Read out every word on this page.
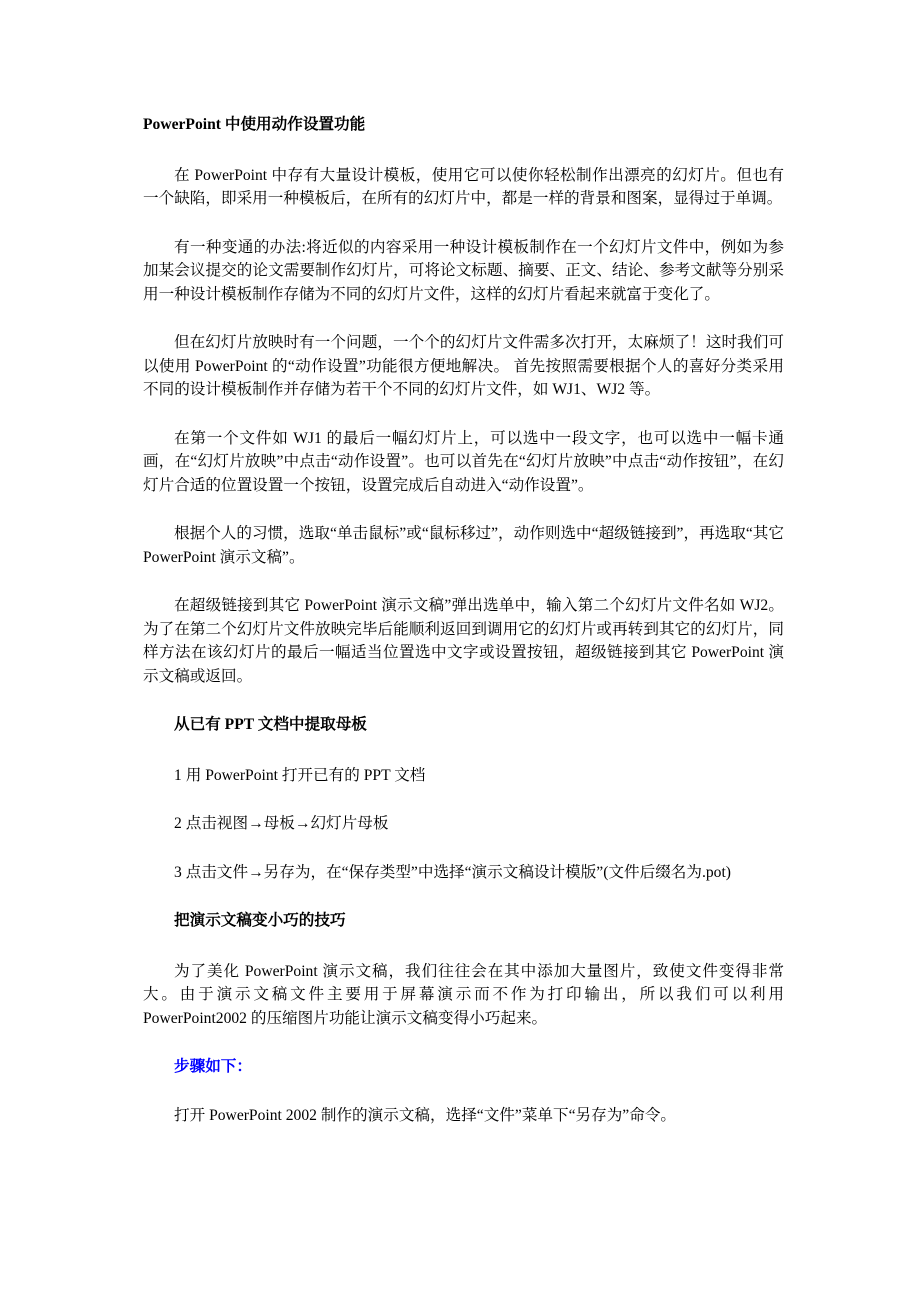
PowerPoint 中使用动作设置功能

在 PowerPoint 中存有大量设计模板，使用它可以使你轻松制作出漂亮的幻灯片。但也有一个缺陷，即采用一种模板后，在所有的幻灯片中，都是一样的背景和图案，显得过于单调。

有一种变通的办法:将近似的内容采用一种设计模板制作在一个幻灯片文件中，例如为参加某会议提交的论文需要制作幻灯片，可将论文标题、摘要、正文、结论、参考文献等分别采用一种设计模板制作存储为不同的幻灯片文件，这样的幻灯片看起来就富于变化了。

但在幻灯片放映时有一个问题，一个个的幻灯片文件需多次打开，太麻烦了！这时我们可以使用 PowerPoint 的“动作设置”功能很方便地解决。 首先按照需要根据个人的喜好分类采用不同的设计模板制作并存储为若干个不同的幻灯片文件，如 WJ1、WJ2 等。

在第一个文件如 WJ1 的最后一幅幻灯片上，可以选中一段文字，也可以选中一幅卡通画，在“幻灯片放映”中点击“动作设置”。也可以首先在“幻灯片放映”中点击“动作按钮”，在幻灯片合适的位置设置一个按钮，设置完成后自动进入“动作设置”。

根据个人的习惯，选取“单击鼠标”或“鼠标移过”，动作则选中“超级链接到”，再选取“其它 PowerPoint 演示文稿”。

在超级链接到其它 PowerPoint 演示文稿”弹出选单中，输入第二个幻灯片文件名如 WJ2。为了在第二个幻灯片文件放映完毕后能顺利返回到调用它的幻灯片或再转到其它的幻灯片，同样方法在该幻灯片的最后一幅适当位置选中文字或设置按钮，超级链接到其它 PowerPoint 演示文稿或返回。

从已有 PPT 文档中提取母板

1 用 PowerPoint 打开已有的 PPT 文档

2 点击视图→母板→幻灯片母板

3 点击文件→另存为，在“保存类型”中选择“演示文稿设计模版”(文件后缀名为.pot)

把演示文稿变小巧的技巧

为了美化 PowerPoint 演示文稿，我们往往会在其中添加大量图片，致使文件变得非常大。由于演示文稿文件主要用于屏幕演示而不作为打印输出，所以我们可以利用 PowerPoint2002 的压缩图片功能让演示文稿变得小巧起来。

步骤如下：

打开 PowerPoint 2002 制作的演示文稿，选择“文件”菜单下“另存为”命令。
